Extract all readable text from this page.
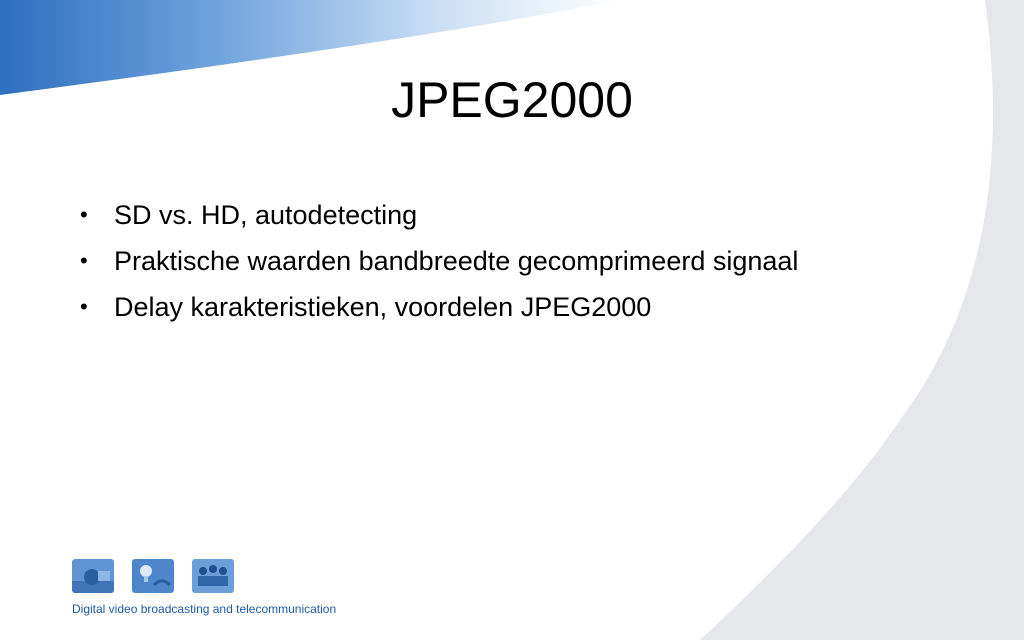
JPEG2000
• SD vs. HD, autodetecting
• Praktische waarden bandbreedte gecomprimeerd signaal
• Delay karakteristieken, voordelen JPEG2000
Digital video broadcasting and telecommunication
